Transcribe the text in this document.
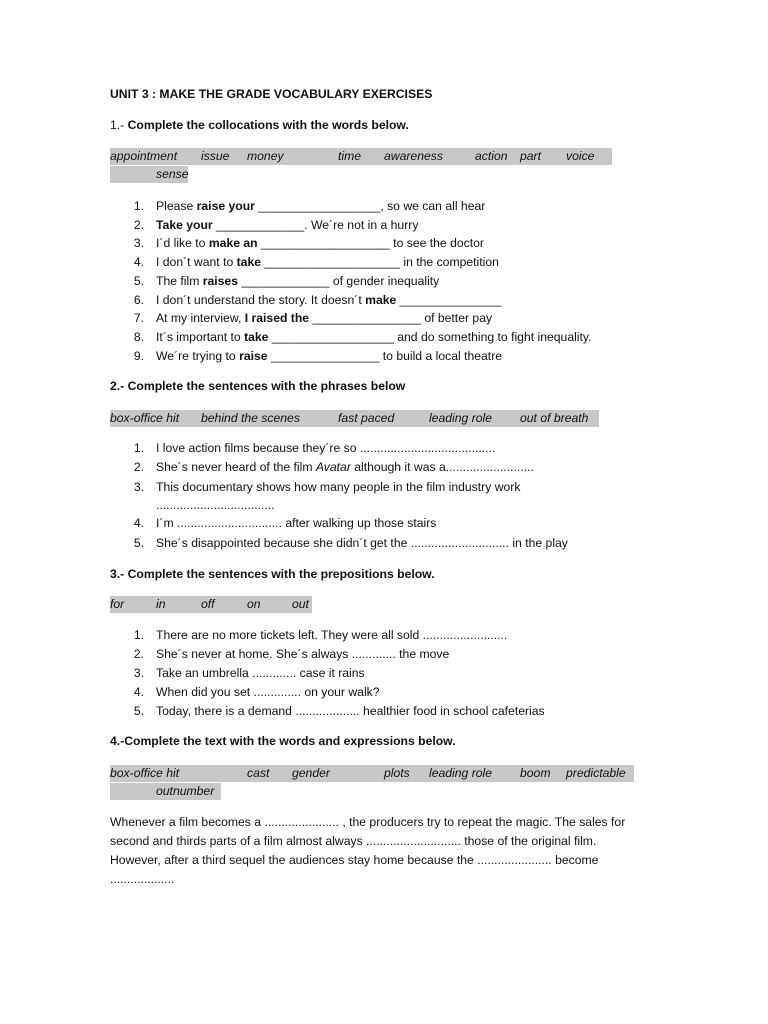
UNIT 3 : MAKE THE GRADE VOCABULARY EXERCISES
1.- Complete the collocations with the words below.
appointment issue money	time awareness	action part voice
sense
1. Please raise your __________________, so we can all hear
2. Take your _____________. We´re not in a hurry
3. I´d like to make an ___________________ to see the doctor
4. I don´t want to take ____________________ in the competition
5. The film raises _____________ of gender inequality
6. I don´t understand the story. It doesn´t make _______________
7. At my interview, I raised the ________________ of better pay
8. It´s important to take __________________ and do something to fight inequality.
9. We´re trying to raise ________________ to build a local theatre
2.- Complete the sentences with the phrases below
box-office hit behind the scenes	fast paced	leading role out of breath
1. I love action films because they´re so ........................................
2. She´s never heard of the film Avatar although it was a..........................
3. This documentary shows how many people in the film industry work
...................................
4. I´m ............................... after walking up those stairs
5. She´s disappointed because she didn´t get the ............................. in the play
3.- Complete the sentences with the prepositions below.
for	in	off	on	out
1. There are no more tickets left. They were all sold .........................
2. She´s never at home. She´s always ............. the move
3. Take an umbrella ............. case it rains
4. When did you set .............. on your walk?
5. Today, there is a demand ................... healthier food in school cafeterias
4.-Complete the text with the words and expressions below.
box-office hit	cast gender	plots leading role boom predictable
outnumber
Whenever a film becomes a ...................... , the producers try to repeat the magic. The sales for
second and thirds parts of a film almost always ............................ those of the original film.
However, after a third sequel the audiences stay home because the ...................... become
...................
